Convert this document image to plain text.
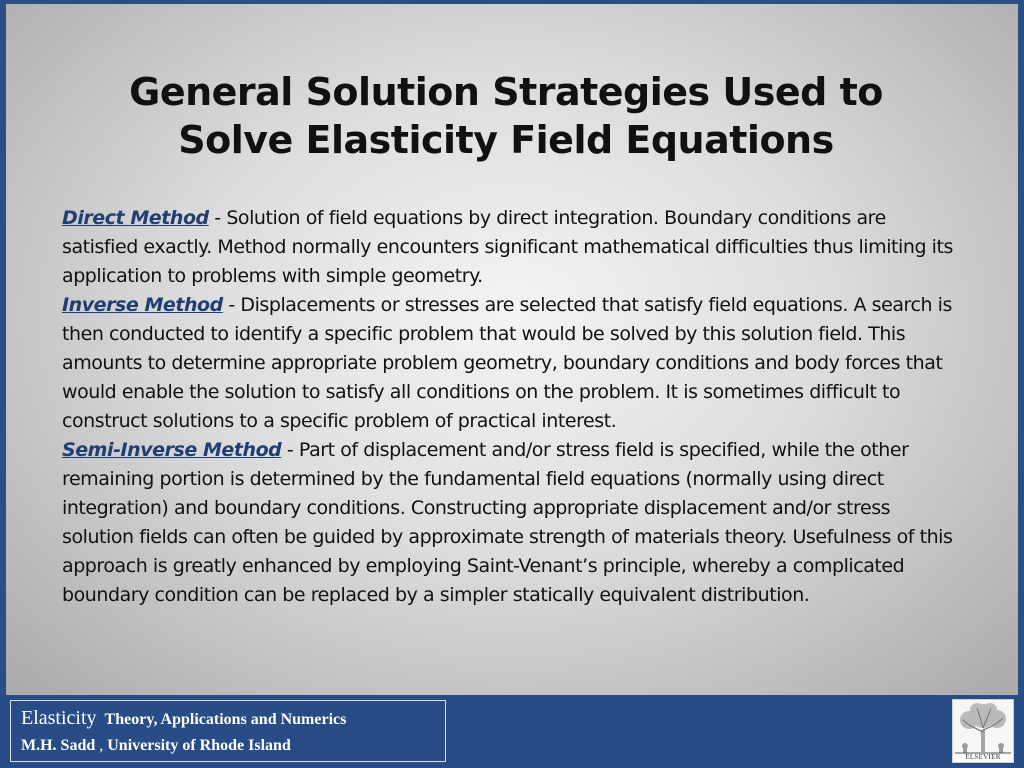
General Solution Strategies Used to
Solve Elasticity Field Equations

Direct Method - Solution of field equations by direct integration. Boundary conditions are satisfied exactly. Method normally encounters significant mathematical difficulties thus limiting its application to problems with simple geometry.

Inverse Method - Displacements or stresses are selected that satisfy field equations. A search is then conducted to identify a specific problem that would be solved by this solution field. This amounts to determine appropriate problem geometry, boundary conditions and body forces that would enable the solution to satisfy all conditions on the problem. It is sometimes difficult to construct solutions to a specific problem of practical interest.

Semi-Inverse Method - Part of displacement and/or stress field is specified, while the other remaining portion is determined by the fundamental field equations (normally using direct integration) and boundary conditions. Constructing appropriate displacement and/or stress solution fields can often be guided by approximate strength of materials theory. Usefulness of this approach is greatly enhanced by employing Saint-Venant’s principle, whereby a complicated boundary condition can be replaced by a simpler statically equivalent distribution.

Elasticity Theory, Applications and Numerics
M.H. Sadd , University of Rhode Island
ELSEVIER
